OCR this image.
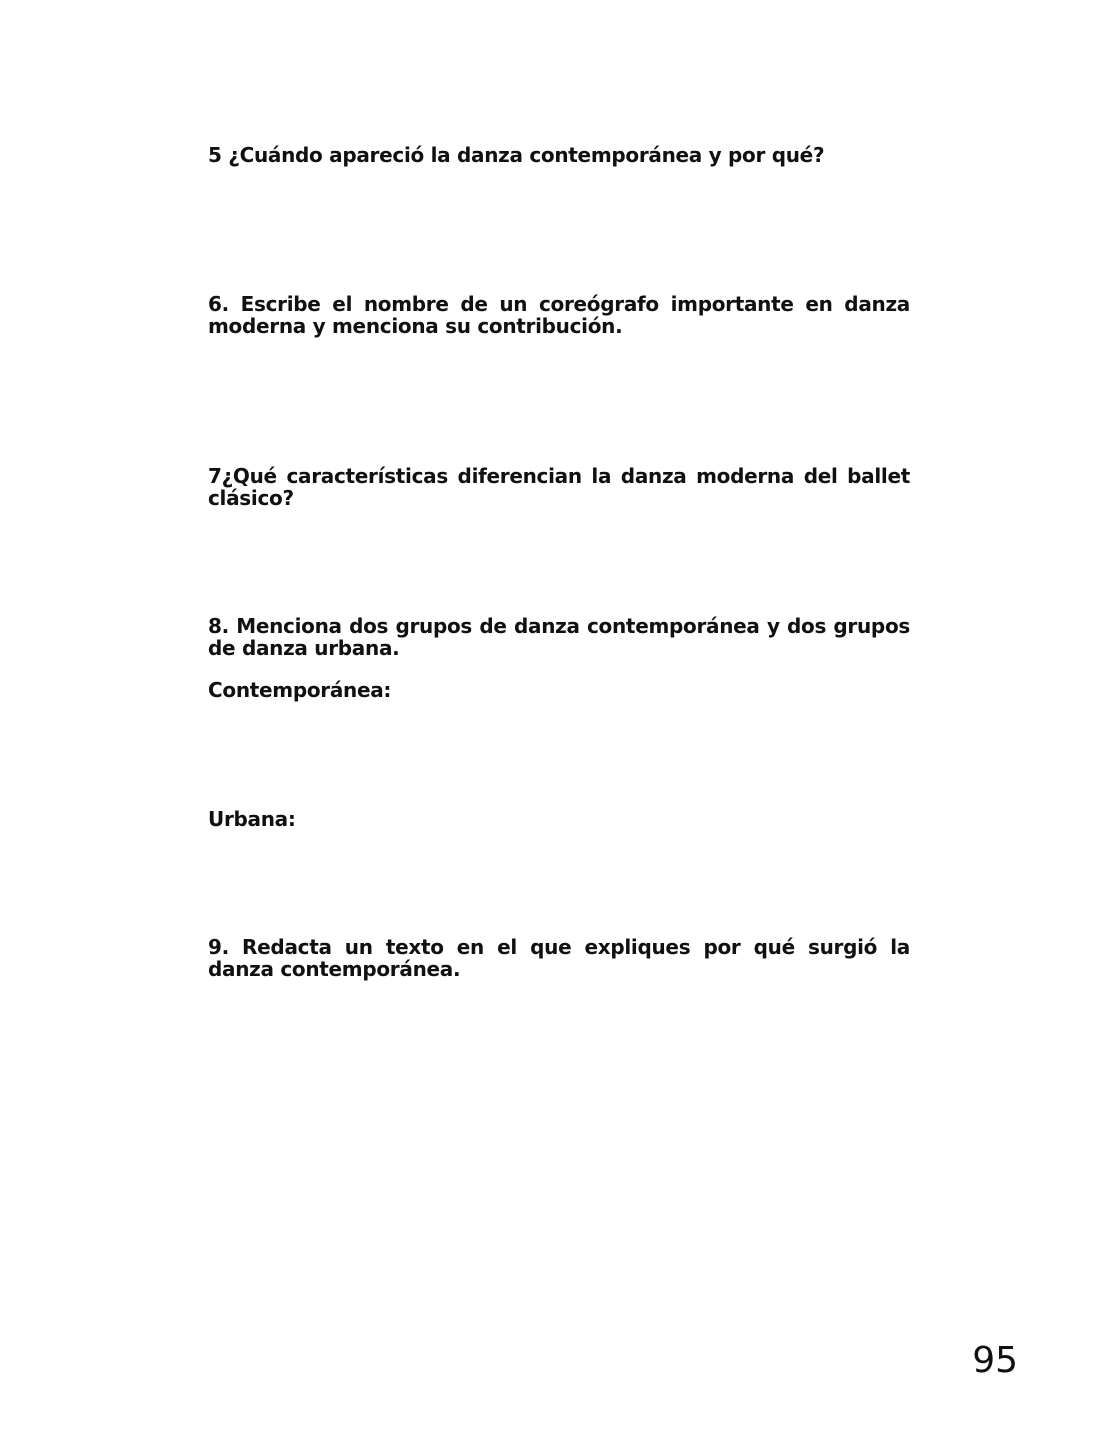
5 ¿Cuándo apareció la danza contemporánea y por qué?
6. Escribe el nombre de un coreógrafo importante en danza moderna y menciona su contribución.
7¿Qué características diferencian la danza moderna del ballet clásico?
8. Menciona dos grupos de danza contemporánea y dos grupos de danza urbana.
Contemporánea:
Urbana:
9. Redacta un texto en el que expliques por qué surgió la danza contemporánea.
95
